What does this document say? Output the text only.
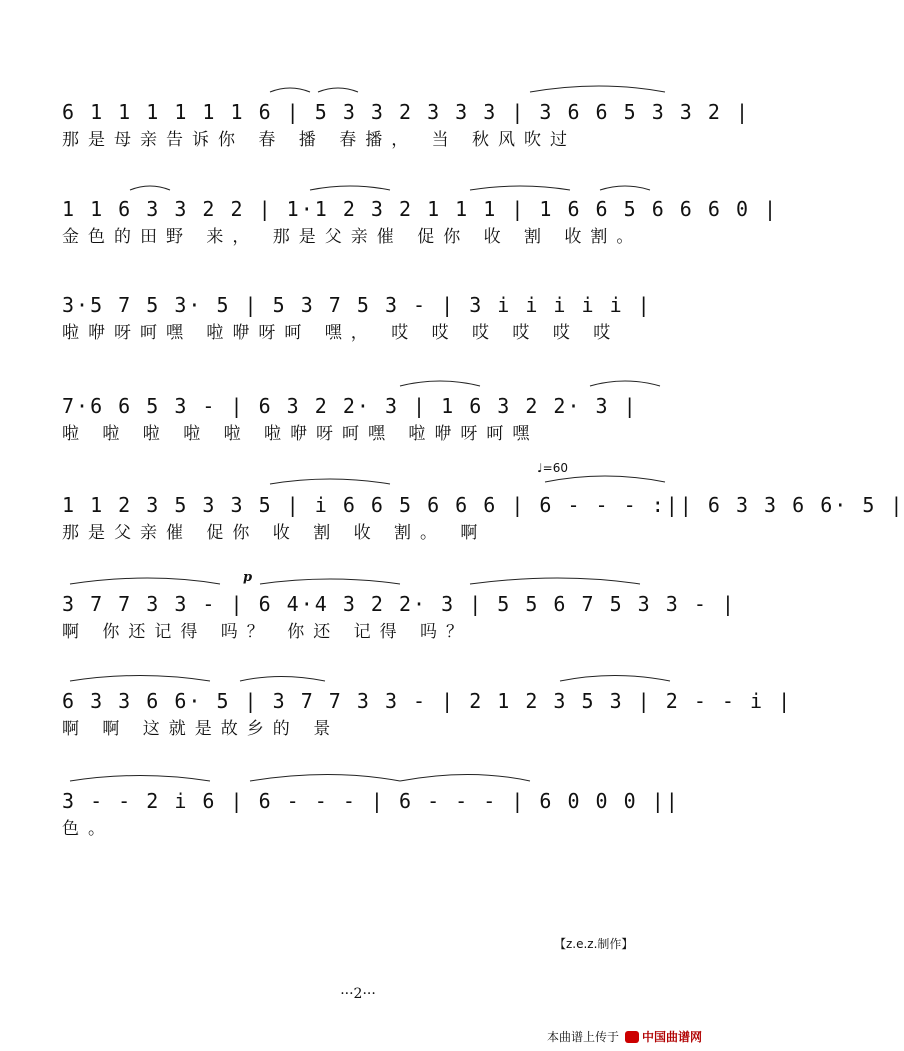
6 1 1 1 1 1 1 6 | 5 3 3 2 3 3 3 | 3 6 6 5 3 3 2 |
那是母亲告诉你 春 播 春播， 当 秋风吹过
1 1 6 3 3 2 2 | 1·1 2 3 2 1 1 1 | 1 6 6 5 6 6 6 0 |
金色的田野 来， 那是父亲催 促你 收 割 收割。
3·5 7 5 3· 5 | 5 3 7 5 3 - | 3 i i i i i |
啦咿呀呵嘿 啦咿呀呵 嘿， 哎 哎 哎 哎 哎 哎
7·6 6 5 3 - | 6 3 2 2· 3 | 1 6 3 2 2· 3 |
啦 啦 啦 啦 啦 啦咿呀呵嘿 啦咿呀呵嘿
1 1 2 3 5 3 3 5 | i 6 6 5 6 6 6 | 6 - - - :|| 6 3 3 6 6· 5 |
那是父亲催 促你 收 割 收 割。 啊
3 7 7 3 3 - | 6 4·4 3 2 2· 3 | 5 5 6 7 5 3 3 - |
啊 你还记得 吗？ 你还 记得 吗？
6 3 3 6 6· 5 | 3 7 7 3 3 - | 2 1 2 3 5 3 | 2 - - i |
啊 啊 这就是故乡的 景
3 - - 2 i 6 | 6 - - - | 6 - - - | 6 0 0 0 ||
色。
♩=60
p
【z.e.z.制作】
···2···
本曲谱上传于 中国曲谱网
